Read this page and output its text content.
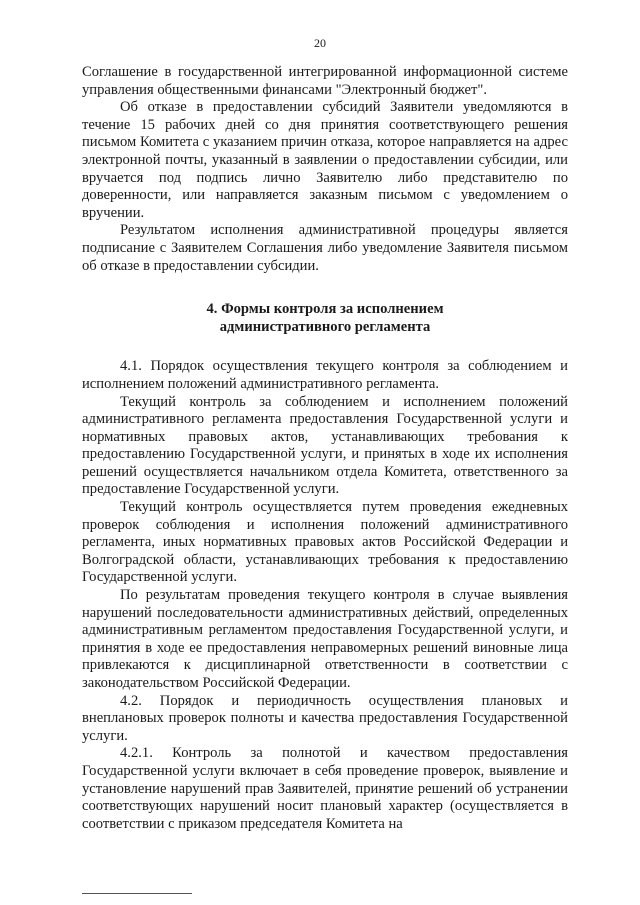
20

Соглашение в государственной интегрированной информационной системе управления общественными финансами "Электронный бюджет".

Об отказе в предоставлении субсидий Заявители уведомляются в течение 15 рабочих дней со дня принятия соответствующего решения письмом Комитета с указанием причин отказа, которое направляется на адрес электронной почты, указанный в заявлении о предоставлении субсидии, или вручается под подпись лично Заявителю либо представителю по доверенности, или направляется заказным письмом с уведомлением о вручении.

Результатом исполнения административной процедуры является подписание с Заявителем Соглашения либо уведомление Заявителя письмом об отказе в предоставлении субсидии.

4. Формы контроля за исполнением
административного регламента

4.1. Порядок осуществления текущего контроля за соблюдением и исполнением положений административного регламента.

Текущий контроль за соблюдением и исполнением положений административного регламента предоставления Государственной услуги и нормативных правовых актов, устанавливающих требования к предоставлению Государственной услуги, и принятых в ходе их исполнения решений осуществляется начальником отдела Комитета, ответственного за предоставление Государственной услуги.

Текущий контроль осуществляется путем проведения ежедневных проверок соблюдения и исполнения положений административного регламента, иных нормативных правовых актов Российской Федерации и Волгоградской области, устанавливающих требования к предоставлению Государственной услуги.

По результатам проведения текущего контроля в случае выявления нарушений последовательности административных действий, определенных административным регламентом предоставления Государственной услуги, и принятия в ходе ее предоставления неправомерных решений виновные лица привлекаются к дисциплинарной ответственности в соответствии с законодательством Российской Федерации.

4.2. Порядок и периодичность осуществления плановых и внеплановых проверок полноты и качества предоставления Государственной услуги.

4.2.1. Контроль за полнотой и качеством предоставления Государственной услуги включает в себя проведение проверок, выявление и установление нарушений прав Заявителей, принятие решений об устранении соответствующих нарушений носит плановый характер (осуществляется в соответствии с приказом председателя Комитета на
